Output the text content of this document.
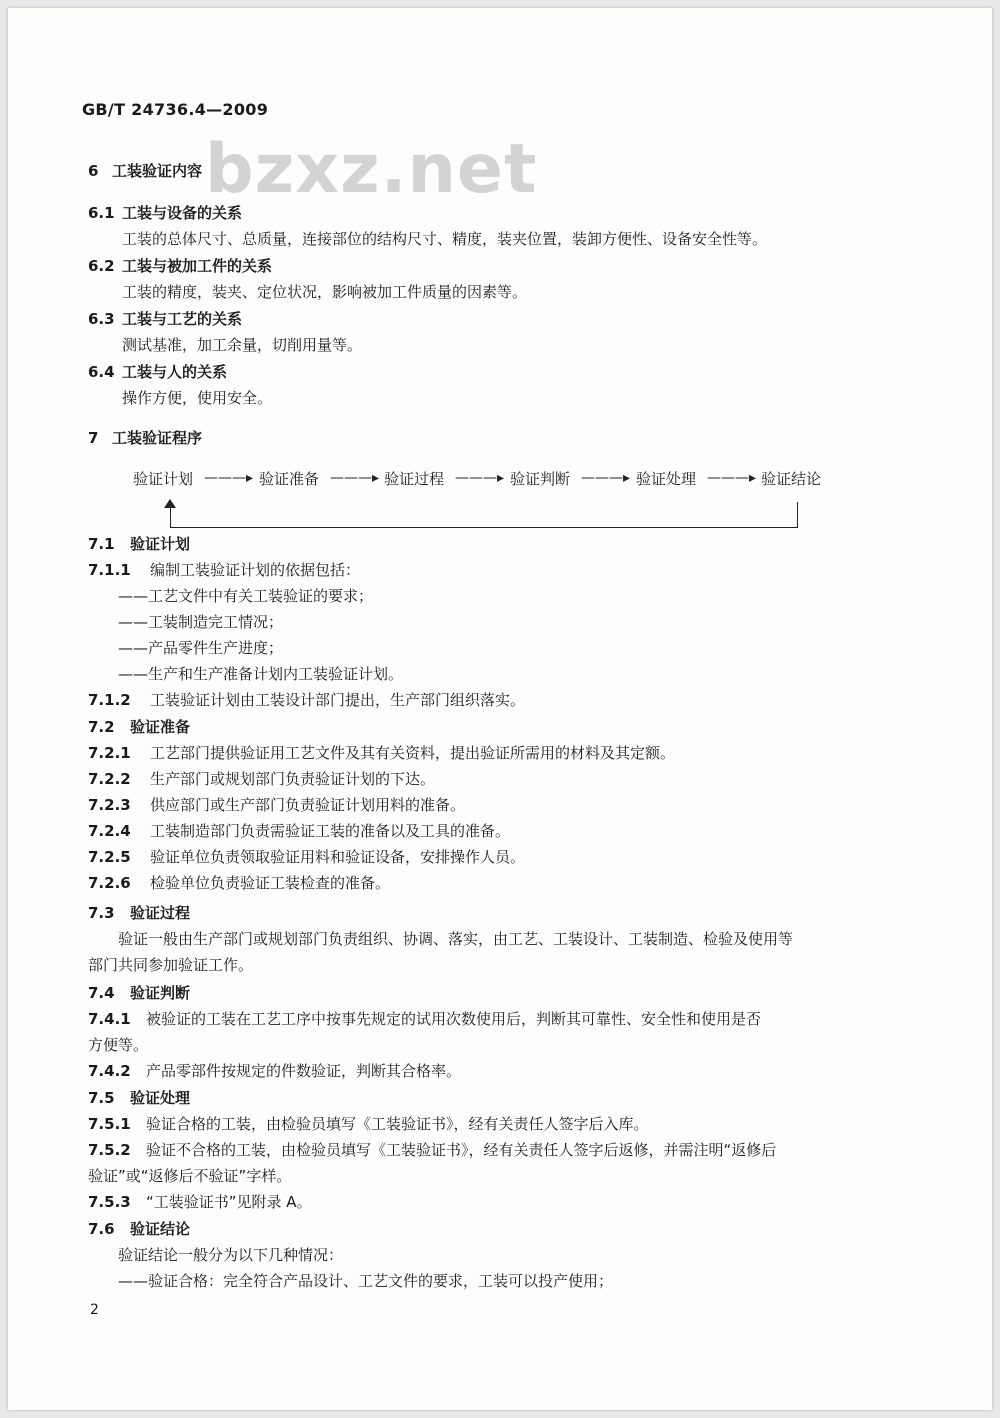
GB/T 24736.4—2009
bzxz.net
6 工装验证内容
6.1 工装与设备的关系
工装的总体尺寸、总质量，连接部位的结构尺寸、精度，装夹位置，装卸方便性、设备安全性等。
6.2 工装与被加工件的关系
工装的精度，装夹、定位状况，影响被加工件质量的因素等。
6.3 工装与工艺的关系
测试基准，加工余量，切削用量等。
6.4 工装与人的关系
操作方便，使用安全。
7 工装验证程序
验证计划 ———▸ 验证准备 ———▸ 验证过程 ———▸ 验证判断 ———▸ 验证处理 ———▸ 验证结论
7.1 验证计划
7.1.1 编制工装验证计划的依据包括：
——工艺文件中有关工装验证的要求；
——工装制造完工情况；
——产品零件生产进度；
——生产和生产准备计划内工装验证计划。
7.1.2 工装验证计划由工装设计部门提出，生产部门组织落实。
7.2 验证准备
7.2.1 工艺部门提供验证用工艺文件及其有关资料，提出验证所需用的材料及其定额。
7.2.2 生产部门或规划部门负责验证计划的下达。
7.2.3 供应部门或生产部门负责验证计划用料的准备。
7.2.4 工装制造部门负责需验证工装的准备以及工具的准备。
7.2.5 验证单位负责领取验证用料和验证设备，安排操作人员。
7.2.6 检验单位负责验证工装检查的准备。
7.3 验证过程
验证一般由生产部门或规划部门负责组织、协调、落实，由工艺、工装设计、工装制造、检验及使用等
部门共同参加验证工作。
7.4 验证判断
7.4.1 被验证的工装在工艺工序中按事先规定的试用次数使用后，判断其可靠性、安全性和使用是否
方便等。
7.4.2 产品零部件按规定的件数验证，判断其合格率。
7.5 验证处理
7.5.1 验证合格的工装，由检验员填写《工装验证书》，经有关责任人签字后入库。
7.5.2 验证不合格的工装，由检验员填写《工装验证书》，经有关责任人签字后返修，并需注明“返修后
验证”或“返修后不验证”字样。
7.5.3 “工装验证书”见附录 A。
7.6 验证结论
验证结论一般分为以下几种情况：
——验证合格：完全符合产品设计、工艺文件的要求，工装可以投产使用；
2
